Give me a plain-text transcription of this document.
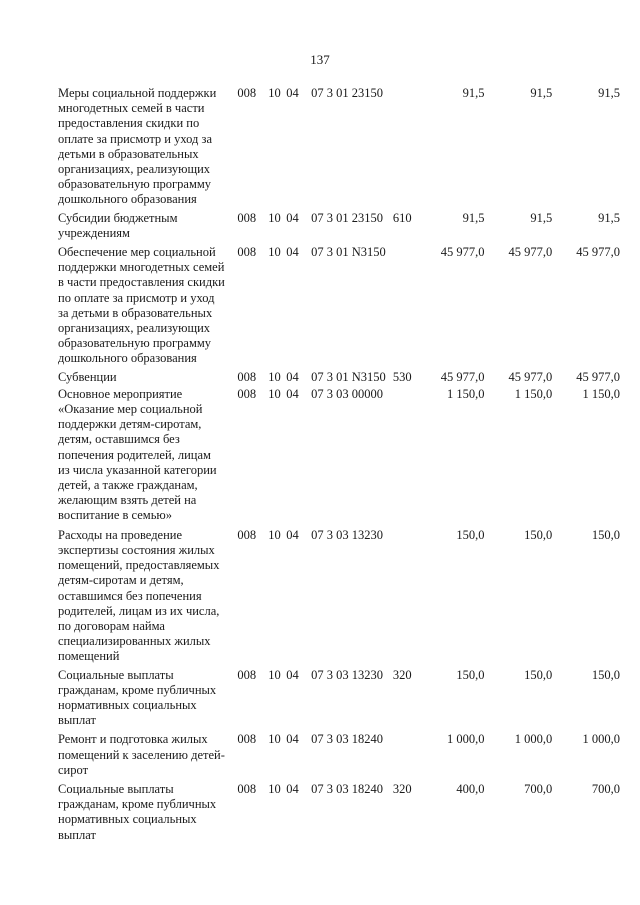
137
Меры социальной поддержки
многодетных семей в части
предоставления скидки по
оплате за присмотр и уход за
детьми в образовательных
организациях, реализующих
образовательную программу
дошкольного образования
008 10 04 07 3 01 23150	91,5	91,5	91,5
Субсидии бюджетным
учреждениям
008 10 04 07 3 01 23150 610	91,5	91,5	91,5
Обеспечение мер социальной
поддержки многодетных семей
в части предоставления скидки
по оплате за присмотр и уход
за детьми в образовательных
организациях, реализующих
образовательную программу
дошкольного образования
008 10 04 07 3 01 N3150	45 977,0	45 977,0	45 977,0
Субвенции	008 10 04 07 3 01 N3150 530	45 977,0	45 977,0	45 977,0
Основное мероприятие
«Оказание мер социальной
поддержки детям-сиротам,
детям, оставшимся без
попечения родителей, лицам
из числа указанной категории
детей, а также гражданам,
желающим взять детей на
воспитание в семью»
008 10 04 07 3 03 00000	1 150,0	1 150,0	1 150,0
Расходы на проведение
экспертизы состояния жилых
помещений, предоставляемых
детям-сиротам и детям,
оставшимся без попечения
родителей, лицам из их числа,
по договорам найма
специализированных жилых
помещений
008 10 04 07 3 03 13230	150,0	150,0	150,0
Социальные выплаты
гражданам, кроме публичных
нормативных социальных
выплат
008 10 04 07 3 03 13230 320	150,0	150,0	150,0
Ремонт и подготовка жилых
помещений к заселению детей-
сирот
008 10 04 07 3 03 18240	1 000,0	1 000,0	1 000,0
Социальные выплаты
гражданам, кроме публичных
нормативных социальных
выплат
008 10 04 07 3 03 18240 320	400,0	700,0	700,0
